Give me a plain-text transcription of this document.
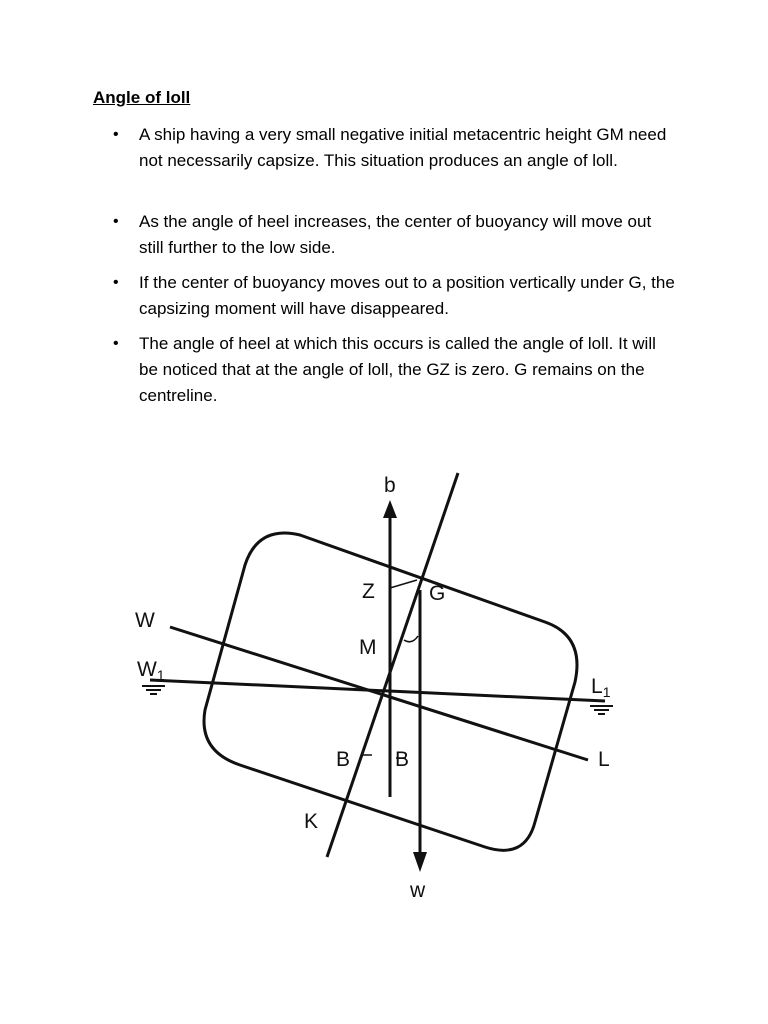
Angle of loll
• A ship having a very small negative initial metacentric height GM need not necessarily capsize. This situation produces an angle of loll.
• As the angle of heel increases, the center of buoyancy will move out still further to the low side.
• If the center of buoyancy moves out to a position vertically under G, the capsizing moment will have disappeared.
• The angle of heel at which this occurs is called the angle of loll. It will be noticed that at the angle of loll, the GZ is zero. G remains on the centreline.
b
w
Z	G
M
W
W1	L1
L
B B
K
